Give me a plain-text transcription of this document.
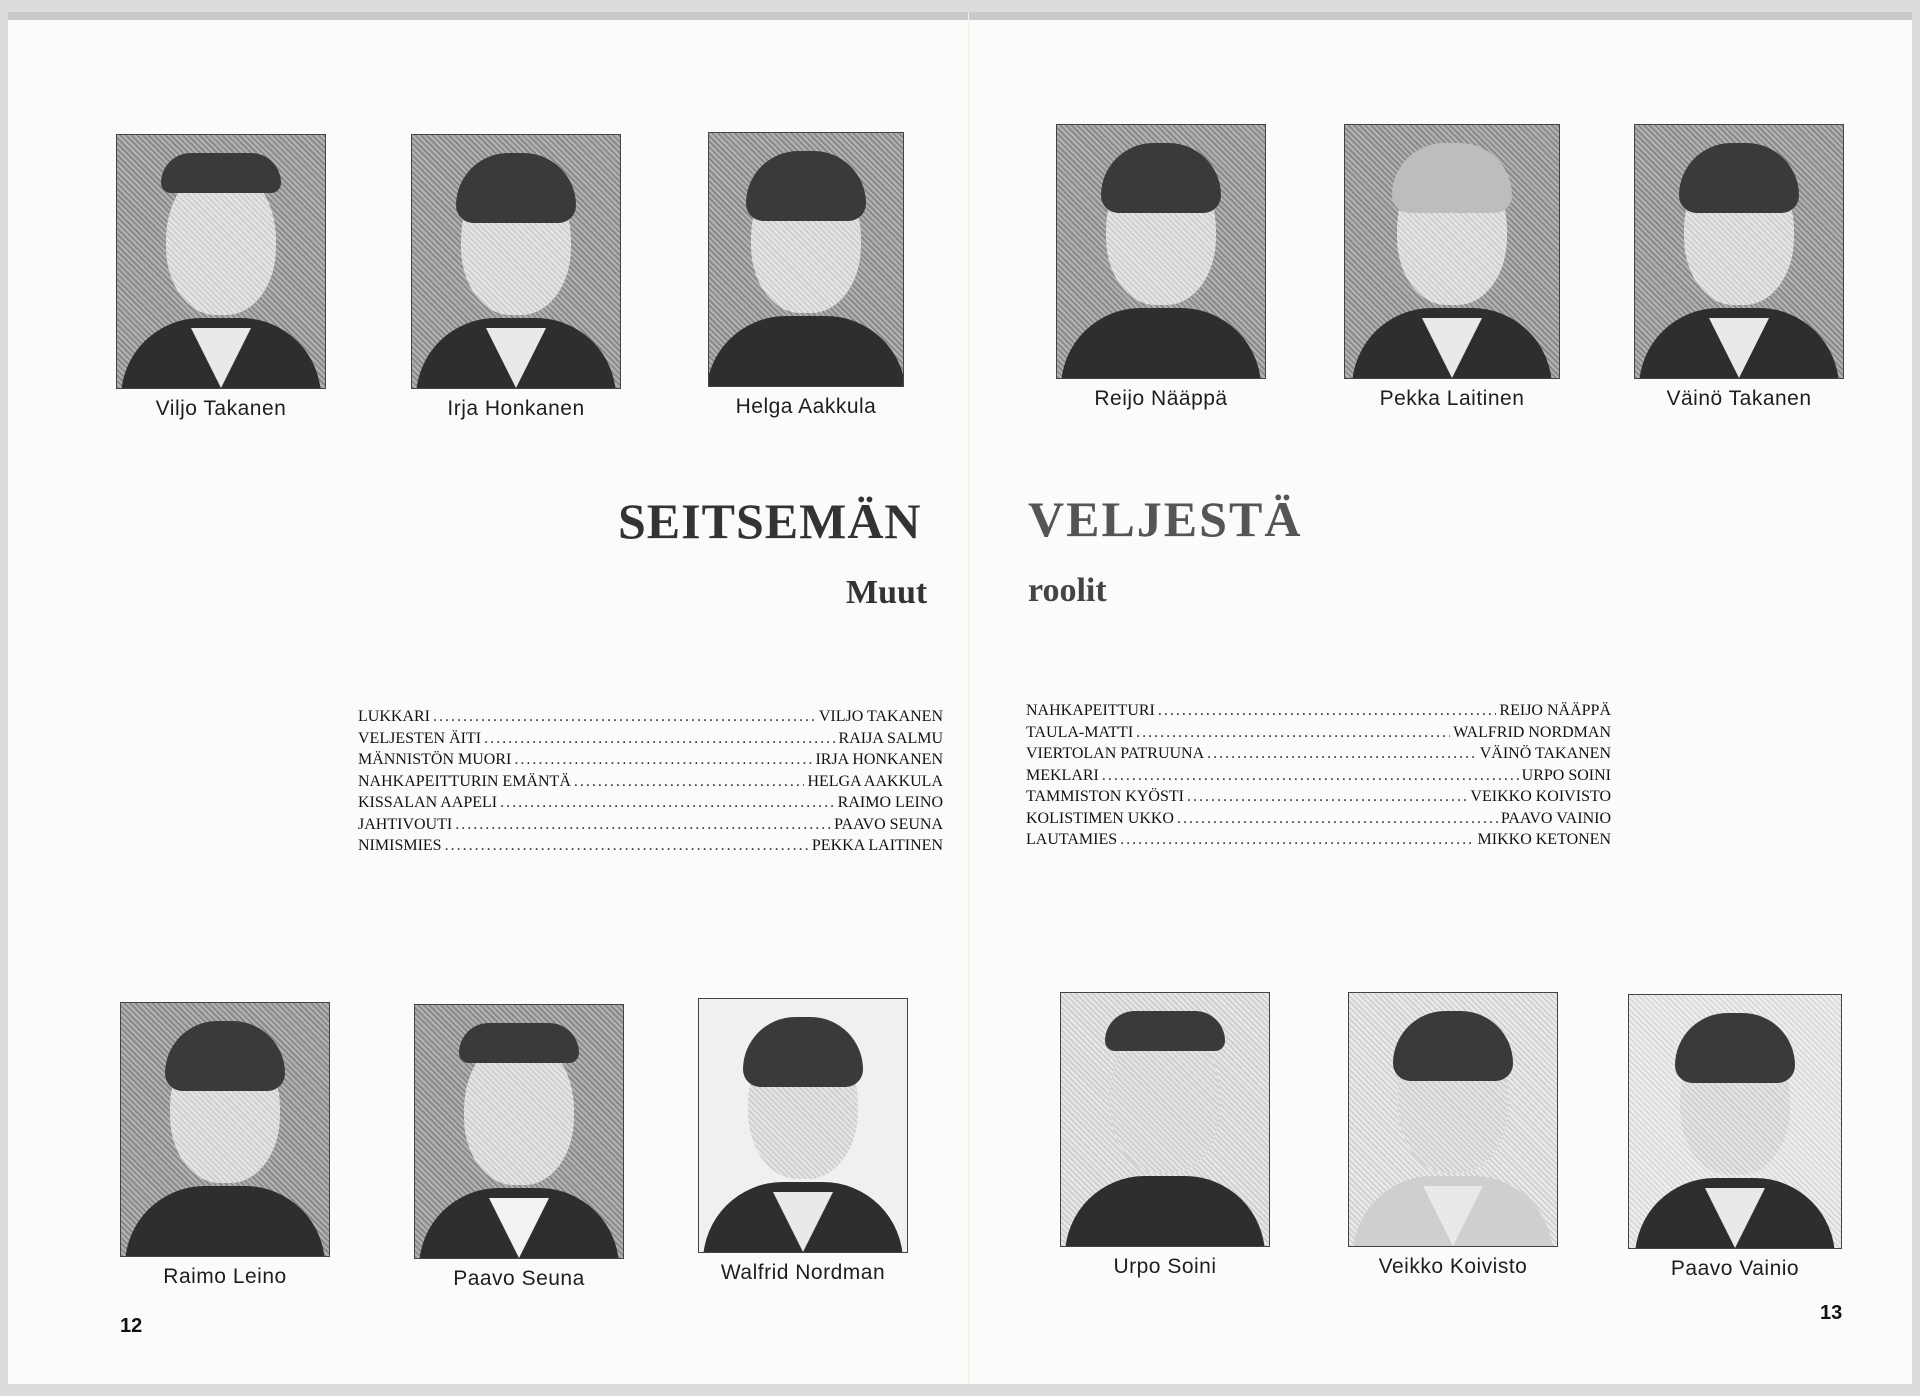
Viljo Takanen	Irja Honkanen	Helga Aakkula	Reijo Nääppä	Pekka Laitinen	Väinö Takanen
SEITSEMÄN VELJESTÄ
Muut	roolit
LUKKARI .....	VILJO TAKANEN
VELJESTEN ÄITI .....	RAIJA SALMU
MÄNNISTÖN MUORI .....	IRJA HONKANEN
NAHKAPEITTURIN EMÄNTÄ .....	HELGA AAKKULA
KISSALAN AAPELI .....	RAIMO LEINO
JAHTIVOUTI .....	PAAVO SEUNA
NIMISMIES .....	PEKKA LAITINEN
NAHKAPEITTURI .....	REIJO NÄÄPPÄ
TAULA-MATTI .....	WALFRID NORDMAN
VIERTOLAN PATRUUNA .....	VÄINÖ TAKANEN
MEKLARI .....	URPO SOINI
TAMMISTON KYÖSTI .....	VEIKKO KOIVISTO
KOLISTIMEN UKKO .....	PAAVO VAINIO
LAUTAMIES .....	MIKKO KETONEN
Raimo Leino	Paavo Seuna	Walfrid Nordman	Urpo Soini	Veikko Koivisto	Paavo Vainio
12
13
